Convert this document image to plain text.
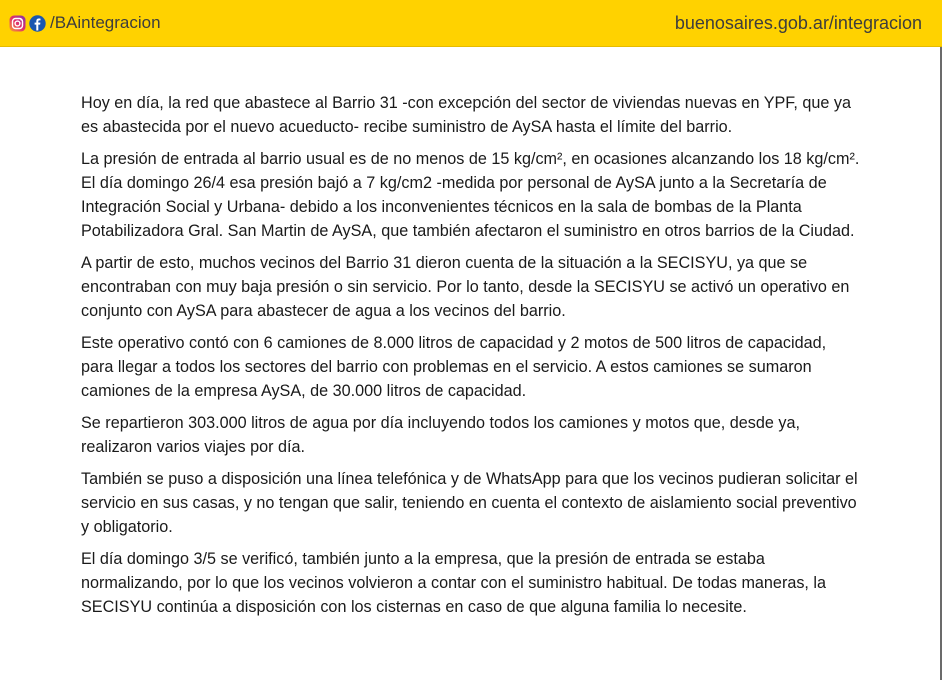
/BAintegracion	buenosaires.gob.ar/integracion

Hoy en día, la red que abastece al Barrio 31 -con excepción del sector de viviendas nuevas en YPF, que ya es abastecida por el nuevo acueducto- recibe suministro de AySA hasta el límite del barrio.

La presión de entrada al barrio usual es de no menos de 15 kg/cm², en ocasiones alcanzando los 18 kg/cm². El día domingo 26/4 esa presión bajó a 7 kg/cm2 -medida por personal de AySA junto a la Secretaría de Integración Social y Urbana- debido a los inconvenientes técnicos en la sala de bombas de la Planta Potabilizadora Gral. San Martin de AySA, que también afectaron el suministro en otros barrios de la Ciudad.

A partir de esto, muchos vecinos del Barrio 31 dieron cuenta de la situación a la SECISYU, ya que se encontraban con muy baja presión o sin servicio. Por lo tanto, desde la SECISYU se activó un operativo en conjunto con AySA para abastecer de agua a los vecinos del barrio.

Este operativo contó con 6 camiones de 8.000 litros de capacidad y 2 motos de 500 litros de capacidad, para llegar a todos los sectores del barrio con problemas en el servicio. A estos camiones se sumaron camiones de la empresa AySA, de 30.000 litros de capacidad.

Se repartieron 303.000 litros de agua por día incluyendo todos los camiones y motos que, desde ya, realizaron varios viajes por día.

También se puso a disposición una línea telefónica y de WhatsApp para que los vecinos pudieran solicitar el servicio en sus casas, y no tengan que salir, teniendo en cuenta el contexto de aislamiento social preventivo y obligatorio.

El día domingo 3/5 se verificó, también junto a la empresa, que la presión de entrada se estaba normalizando, por lo que los vecinos volvieron a contar con el suministro habitual. De todas maneras, la SECISYU continúa a disposición con los cisternas en caso de que alguna familia lo necesite.
